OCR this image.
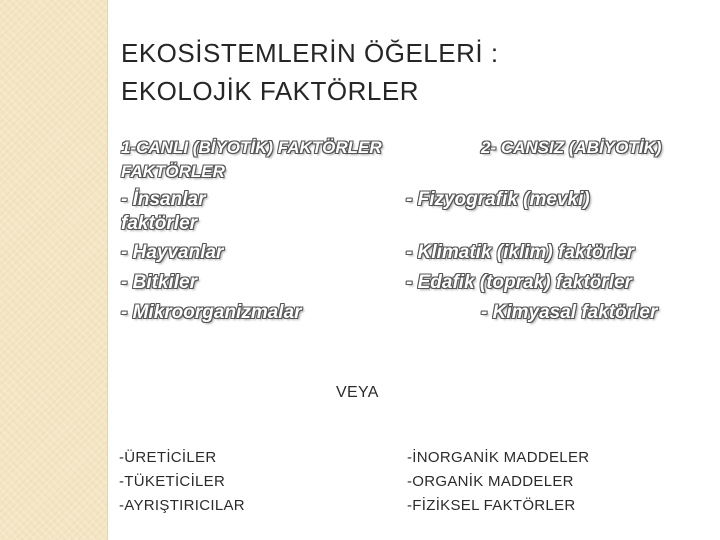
EKOSİSTEMLERİN ÖĞELERİ :
EKOLOJİK FAKTÖRLER
1-CANLI (BİYOTİK) FAKTÖRLER
FAKTÖRLER
- İnsanlar
faktörler
- Hayvanlar
- Bitkiler
- Mikroorganizmalar
2- CANSIZ (ABİYOTİK)
- Fizyografik (mevki)
- Klimatik (iklim) faktörler
- Edafik (toprak) faktörler
- Kimyasal faktörler
VEYA
-ÜRETİCİLER
-TÜKETİCİLER
-AYRIŞTIRICILAR
-İNORGANİK MADDELER
-ORGANİK MADDELER
-FİZİKSEL FAKTÖRLER
